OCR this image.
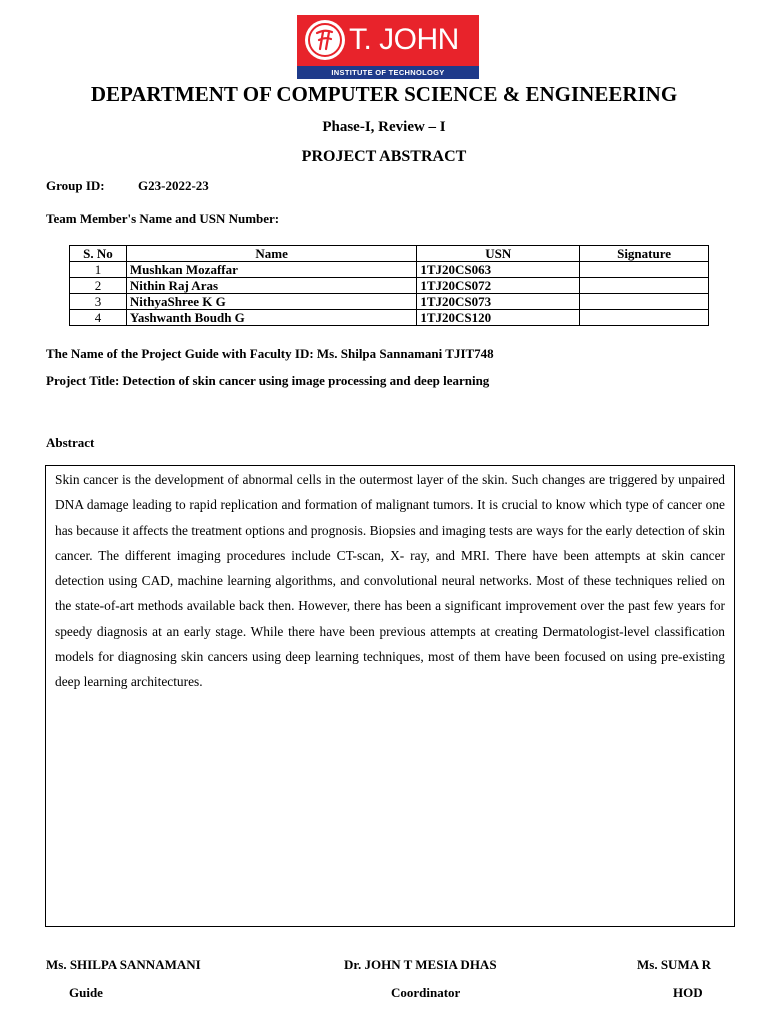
T. JOHN
INSTITUTE OF TECHNOLOGY
DEPARTMENT OF COMPUTER SCIENCE & ENGINEERING
Phase-I, Review – I
PROJECT ABSTRACT
Group ID:	G23-2022-23
Team Member's Name and USN Number:
S. No	Name	USN	Signature
1	Mushkan Mozaffar	1TJ20CS063	
2	Nithin Raj Aras	1TJ20CS072	
3	NithyaShree K G	1TJ20CS073	
4	Yashwanth Boudh G	1TJ20CS120	
The Name of the Project Guide with Faculty ID: Ms. Shilpa Sannamani TJIT748
Project Title: Detection of skin cancer using image processing and deep learning
Abstract

Skin cancer is the development of abnormal cells in the outermost layer of the skin. Such changes are triggered by unpaired DNA damage leading to rapid replication and formation of malignant tumors. It is crucial to know which type of cancer one has because it affects the treatment options and prognosis. Biopsies and imaging tests are ways for the early detection of skin cancer. The different imaging procedures include CT-scan, X- ray, and MRI. There have been attempts at skin cancer detection using CAD, machine learning algorithms, and convolutional neural networks. Most of these techniques relied on the state-of-art methods available back then. However, there has been a significant improvement over the past few years for speedy diagnosis at an early stage. While there have been previous attempts at creating Dermatologist-level classification models for diagnosing skin cancers using deep learning techniques, most of them have been focused on using pre-existing deep learning architectures.

Ms. SHILPA SANNAMANI
Guide
Dr. JOHN T MESIA DHAS
Coordinator
Ms. SUMA R
HOD
